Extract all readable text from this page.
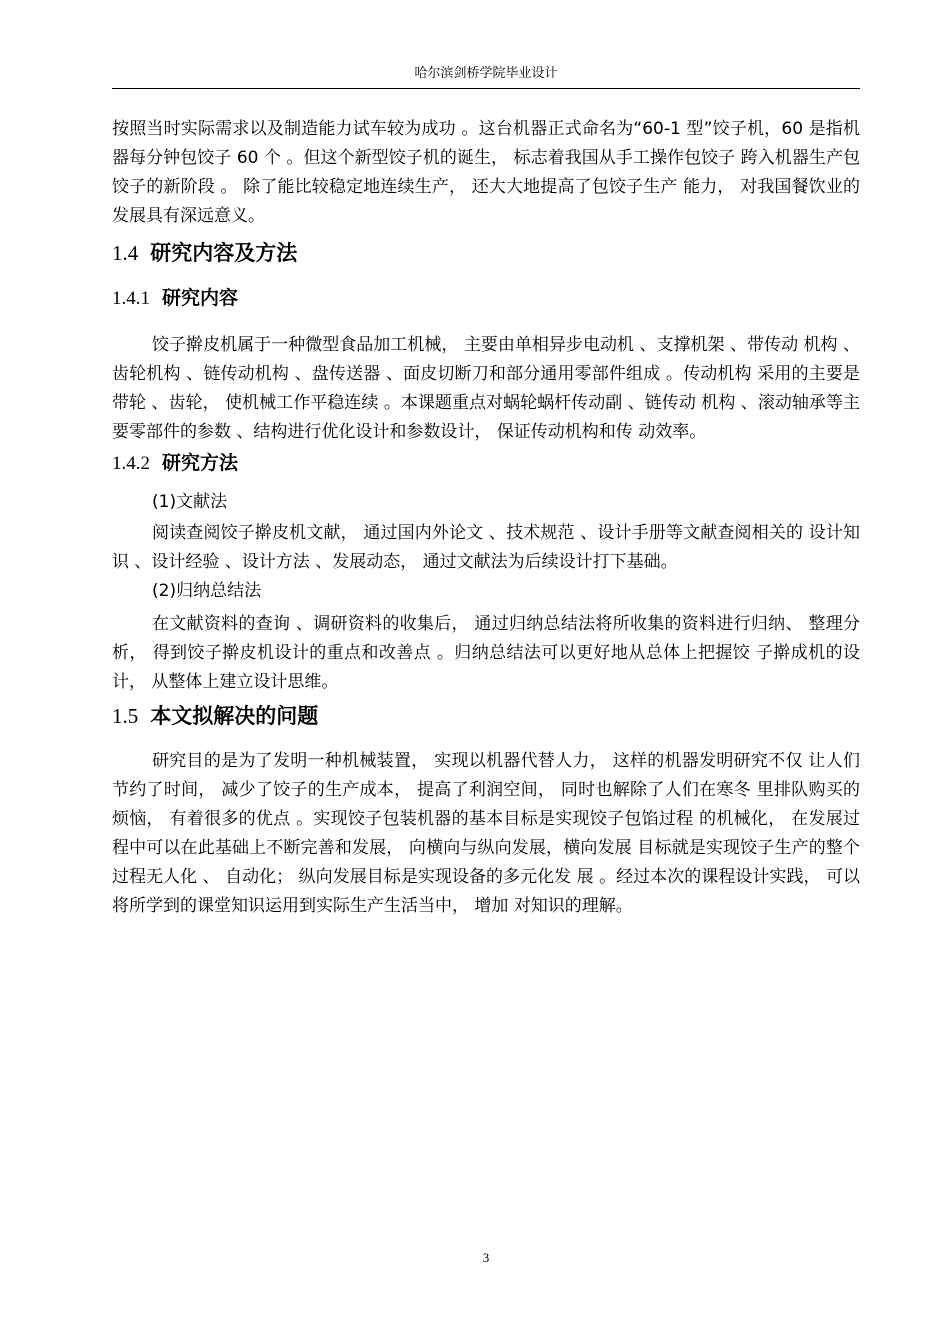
哈尔滨剑桥学院毕业设计

按照当时实际需求以及制造能力试车较为成功 。这台机器正式命名为“60-1 型”饺子机，60 是指机器每分钟包饺子 60 个 。但这个新型饺子机的诞生， 标志着我国从手工操作包饺子 跨入机器生产包饺子的新阶段 。 除了能比较稳定地连续生产， 还大大地提高了包饺子生产 能力， 对我国餐饮业的发展具有深远意义。

1.4 研究内容及方法
1.4.1 研究内容

饺子擀皮机属于一种微型食品加工机械， 主要由单相异步电动机 、支撑机架 、带传动 机构 、齿轮机构 、链传动机构 、盘传送器 、面皮切断刀和部分通用零部件组成 。传动机构 采用的主要是带轮 、齿轮， 使机械工作平稳连续 。本课题重点对蜗轮蜗杆传动副 、链传动 机构 、滚动轴承等主要零部件的参数 、结构进行优化设计和参数设计， 保证传动机构和传 动效率。

1.4.2 研究方法

(1)文献法

阅读查阅饺子擀皮机文献， 通过国内外论文 、技术规范 、设计手册等文献查阅相关的 设计知识 、设计经验 、设计方法 、发展动态， 通过文献法为后续设计打下基础。

(2)归纳总结法

在文献资料的查询 、调研资料的收集后， 通过归纳总结法将所收集的资料进行归纳、 整理分析， 得到饺子擀皮机设计的重点和改善点 。归纳总结法可以更好地从总体上把握饺 子擀成机的设计， 从整体上建立设计思维。

1.5 本文拟解决的问题

研究目的是为了发明一种机械装置， 实现以机器代替人力， 这样的机器发明研究不仅 让人们节约了时间， 减少了饺子的生产成本， 提高了利润空间， 同时也解除了人们在寒冬 里排队购买的烦恼， 有着很多的优点 。实现饺子包装机器的基本目标是实现饺子包馅过程 的机械化， 在发展过程中可以在此基础上不断完善和发展， 向横向与纵向发展，横向发展 目标就是实现饺子生产的整个过程无人化 、 自动化； 纵向发展目标是实现设备的多元化发 展 。经过本次的课程设计实践， 可以将所学到的课堂知识运用到实际生产生活当中， 增加 对知识的理解。

3
